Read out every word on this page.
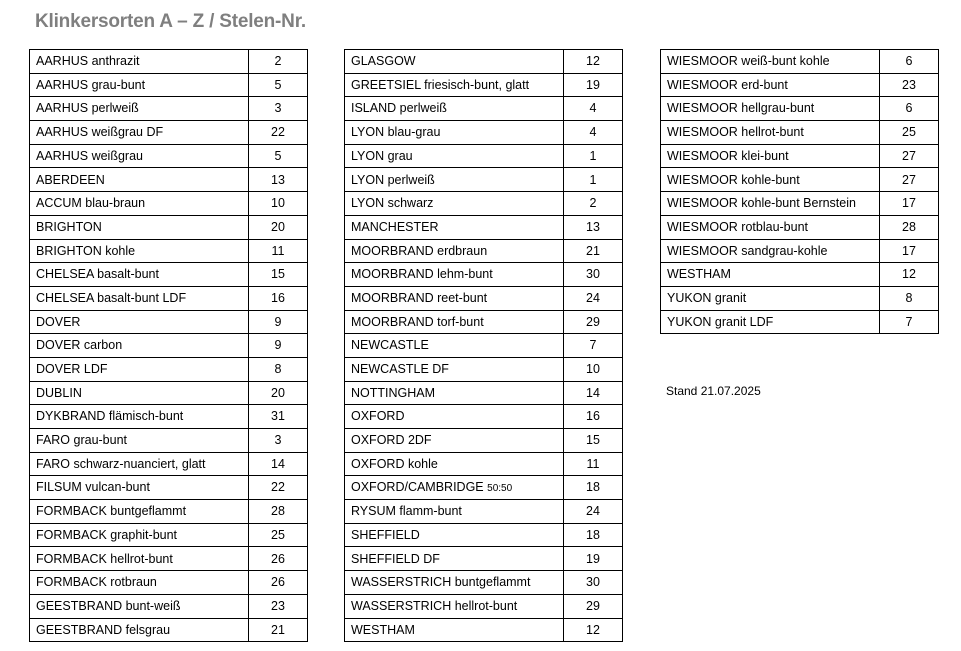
Klinkersorten A – Z / Stelen-Nr.
AARHUS anthrazit	2
AARHUS grau-bunt	5
AARHUS perlweiß	3
AARHUS weißgrau DF	22
AARHUS weißgrau	5
ABERDEEN	13
ACCUM blau-braun	10
BRIGHTON	20
BRIGHTON kohle	11
CHELSEA basalt-bunt	15
CHELSEA basalt-bunt LDF	16
DOVER	9
DOVER carbon	9
DOVER LDF	8
DUBLIN	20
DYKBRAND flämisch-bunt	31
FARO grau-bunt	3
FARO schwarz-nuanciert, glatt	14
FILSUM vulcan-bunt	22
FORMBACK buntgeflammt	28
FORMBACK graphit-bunt	25
FORMBACK hellrot-bunt	26
FORMBACK rotbraun	26
GEESTBRAND bunt-weiß	23
GEESTBRAND felsgrau	21
GLASGOW	12
GREETSIEL friesisch-bunt, glatt	19
ISLAND perlweiß	4
LYON blau-grau	4
LYON grau	1
LYON perlweiß	1
LYON schwarz	2
MANCHESTER	13
MOORBRAND erdbraun	21
MOORBRAND lehm-bunt	30
MOORBRAND reet-bunt	24
MOORBRAND torf-bunt	29
NEWCASTLE	7
NEWCASTLE DF	10
NOTTINGHAM	14
OXFORD	16
OXFORD 2DF	15
OXFORD kohle	11
OXFORD/CAMBRIDGE 50:50	18
RYSUM flamm-bunt	24
SHEFFIELD	18
SHEFFIELD DF	19
WASSERSTRICH buntgeflammt	30
WASSERSTRICH hellrot-bunt	29
WESTHAM	12
WIESMOOR weiß-bunt kohle	6
WIESMOOR erd-bunt	23
WIESMOOR hellgrau-bunt	6
WIESMOOR hellrot-bunt	25
WIESMOOR klei-bunt	27
WIESMOOR kohle-bunt	27
WIESMOOR kohle-bunt Bernstein	17
WIESMOOR rotblau-bunt	28
WIESMOOR sandgrau-kohle	17
WESTHAM	12
YUKON granit	8
YUKON granit LDF	7
Stand 21.07.2025
